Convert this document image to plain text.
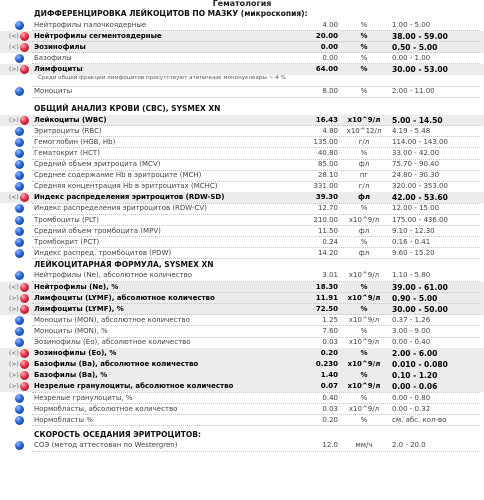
Гематология
ДИФФЕРЕНЦИРОВКА ЛЕЙКОЦИТОВ ПО МАЗКУ (микроскопия):
Нейтрофилы палочкоядерные	4.00	%	1.00 - 5.00
(<) Нейтрофилы сегментоядерные	20.00	%	38.00 - 59.00
(<) Эозинофилы	0.00	%	0.50 - 5.00
Базофилы	0.00	%	0.00 - 1.00
(>) Лимфоциты	64.00	%	30.00 - 53.00
Среди общей фракции лимфоцитов присутствуют атипичные мононуклеары ~ 4 %
Моноциты	8.00	%	2.00 - 11.00
ОБЩИЙ АНАЛИЗ КРОВИ (CBC), SYSMEX XN
(>) Лейкоциты (WBC)	16.43	x10^9/л	5.00 - 14.50
Эритроциты (RBC)	4.80	x10^12/л	4.19 - 5.48
Гемоглобин (HGB, Hb)	135.00	г/л	114.00 - 143.00
Гематокрит (HCT)	40.80	%	33.00 - 42.00
Средний объем эритроцита (MCV)	85.00	фл	75.70 - 90.40
Среднее содержание Hb в эритроците (MCH)	28.10	пг	24.80 - 30.30
Средняя концентрация Hb в эритроцитах (MCHC)	331.00	г/л	320.00 - 353.00
(<) Индекс распределения эритроцитов (RDW-SD)	39.30	фл	42.00 - 53.60
Индекс распределения эритроцитов (RDW-CV)	12.70	%	12.00 - 15.00
Тромбоциты (PLT)	210.00	x10^9/л	175.00 - 436.00
Средний объем тромбоцита (MPV)	11.50	фл	9.10 - 12.30
Тромбокрит (PCT)	0.24	%	0.16 - 0.41
Индекс распред. тромбоцитов (PDW)	14.20	фл	9.60 - 15.20
ЛЕЙКОЦИТАРНАЯ ФОРМУЛА, SYSMEX XN
Нейтрофилы (Ne), абсолютное количество	3.01	x10^9/л	1.10 - 5.80
(<) Нейтрофилы (Ne), %	18.30	%	39.00 - 61.00
(>) Лимфоциты (LYMF), абсолютное количество	11.91	x10^9/л	0.90 - 5.00
(>) Лимфоциты (LYMF), %	72.50	%	30.00 - 50.00
Моноциты (MON), абсолютное количество	1.25	x10^9/л	0.37 - 1.26
Моноциты (MON), %	7.60	%	3.00 - 9.00
Эозинофилы (Eo), абсолютное количество	0.03	x10^9/л	0.00 - 0.40
(<) Эозинофилы (Eo), %	0.20	%	2.00 - 6.00
(>) Базофилы (Ba), абсолютное количество	0.230	x10^9/л	0.010 - 0.080
(>) Базофилы (Ba), %	1.40	%	0.10 - 1.20
(>) Незрелые гранулоциты, абсолютное количество	0.07	x10^9/л	0.00 - 0.06
Незрелые гранулоциты, %	0.40	%	0.00 - 0.80
Нормобласты, абсолютное количество	0.03	x10^9/л	0.00 - 0.32
Нормобласты %	0.20	%	см. абс. кол-во
СКОРОСТЬ ОСЕДАНИЯ ЭРИТРОЦИТОВ:
СОЭ (метод аттестован по Westergren)	12.0	мм/ч	2.0 - 20.0
